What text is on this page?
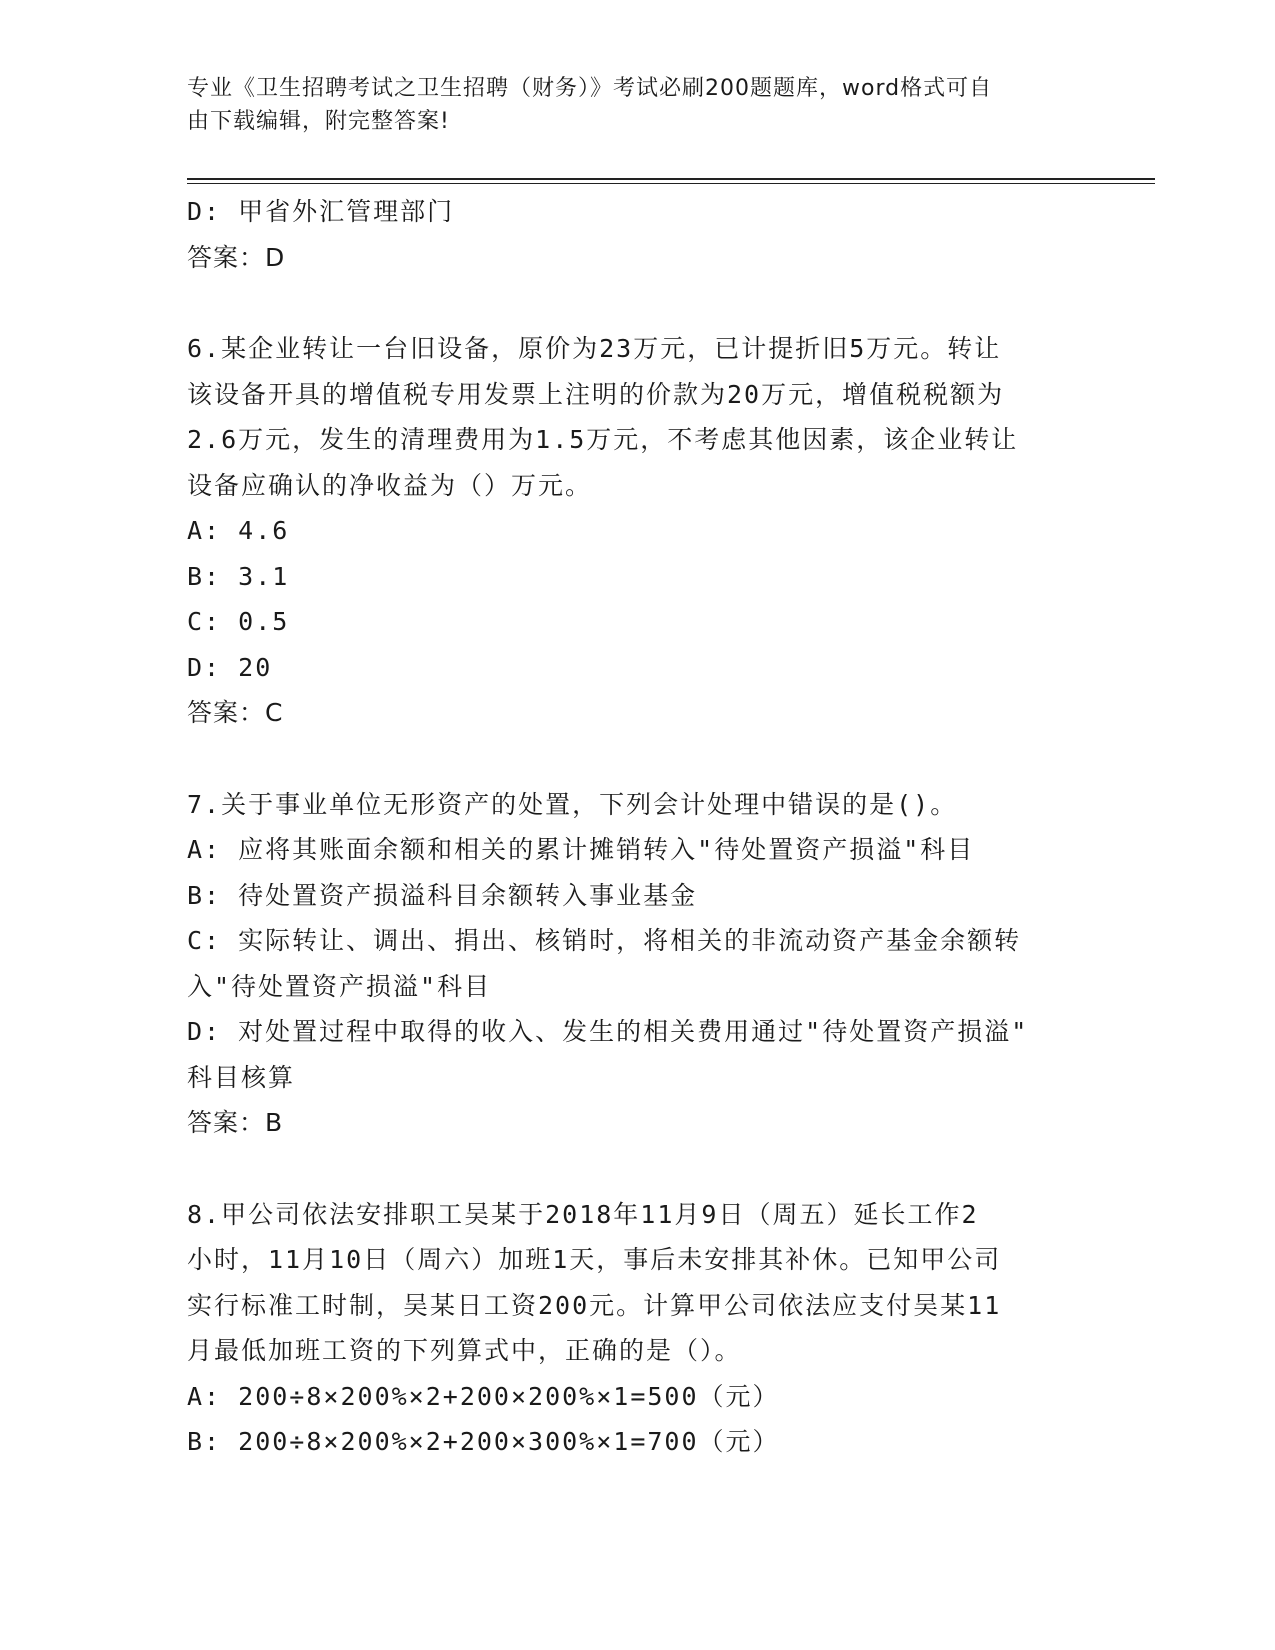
专业《卫生招聘考试之卫生招聘（财务）》考试必刷200题题库，word格式可自
由下载编辑，附完整答案!
D: 甲省外汇管理部门
答案：D
6.某企业转让一台旧设备，原价为23万元，已计提折旧5万元。转让
该设备开具的增值税专用发票上注明的价款为20万元，增值税税额为
2.6万元，发生的清理费用为1.5万元，不考虑其他因素，该企业转让
设备应确认的净收益为（）万元。
A: 4.6
B: 3.1
C: 0.5
D: 20
答案：C
7.关于事业单位无形资产的处置，下列会计处理中错误的是()。
A: 应将其账面余额和相关的累计摊销转入"待处置资产损溢"科目
B: 待处置资产损溢科目余额转入事业基金
C: 实际转让、调出、捐出、核销时，将相关的非流动资产基金余额转
入"待处置资产损溢"科目
D: 对处置过程中取得的收入、发生的相关费用通过"待处置资产损溢"
科目核算
答案：B
8.甲公司依法安排职工吴某于2018年11月9日（周五）延长工作2
小时，11月10日（周六）加班1天，事后未安排其补休。已知甲公司
实行标准工时制，吴某日工资200元。计算甲公司依法应支付吴某11
月最低加班工资的下列算式中，正确的是（）。
A: 200÷8×200%×2+200×200%×1=500（元）
B: 200÷8×200%×2+200×300%×1=700（元）
